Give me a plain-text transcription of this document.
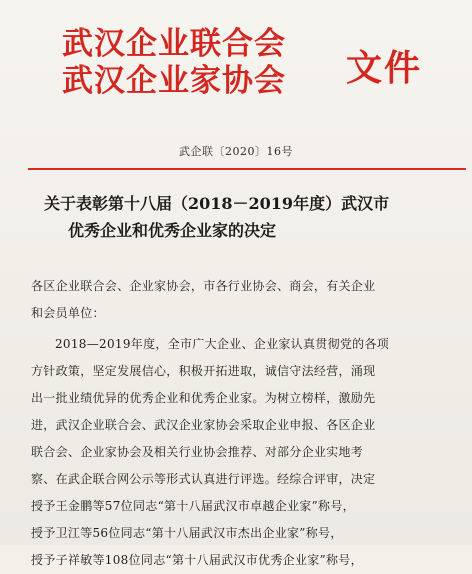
武汉企业联合会
武汉企业家协会	文件
武企联〔2020〕16号
关于表彰第十八届（2018－2019年度）武汉市
优秀企业和优秀企业家的决定
各区企业联合会、企业家协会，市各行业协会、商会，有关企业
和会员单位：
2018—2019年度，全市广大企业、企业家认真贯彻党的各项
方针政策，坚定发展信心，积极开拓进取，诚信守法经营，涌现
出一批业绩优异的优秀企业和优秀企业家。为树立榜样，激励先
进，武汉企业联合会、武汉企业家协会采取企业申报、各区企业
联合会、企业家协会及相关行业协会推荐、对部分企业实地考
察、在武企联合网公示等形式认真进行评选。经综合评审，决定
授予王金鹏等57位同志“第十八届武汉市卓越企业家”称号，
授予卫江等56位同志“第十八届武汉市杰出企业家”称号，
授予子祥敏等108位同志“第十八届武汉市优秀企业家”称号，
